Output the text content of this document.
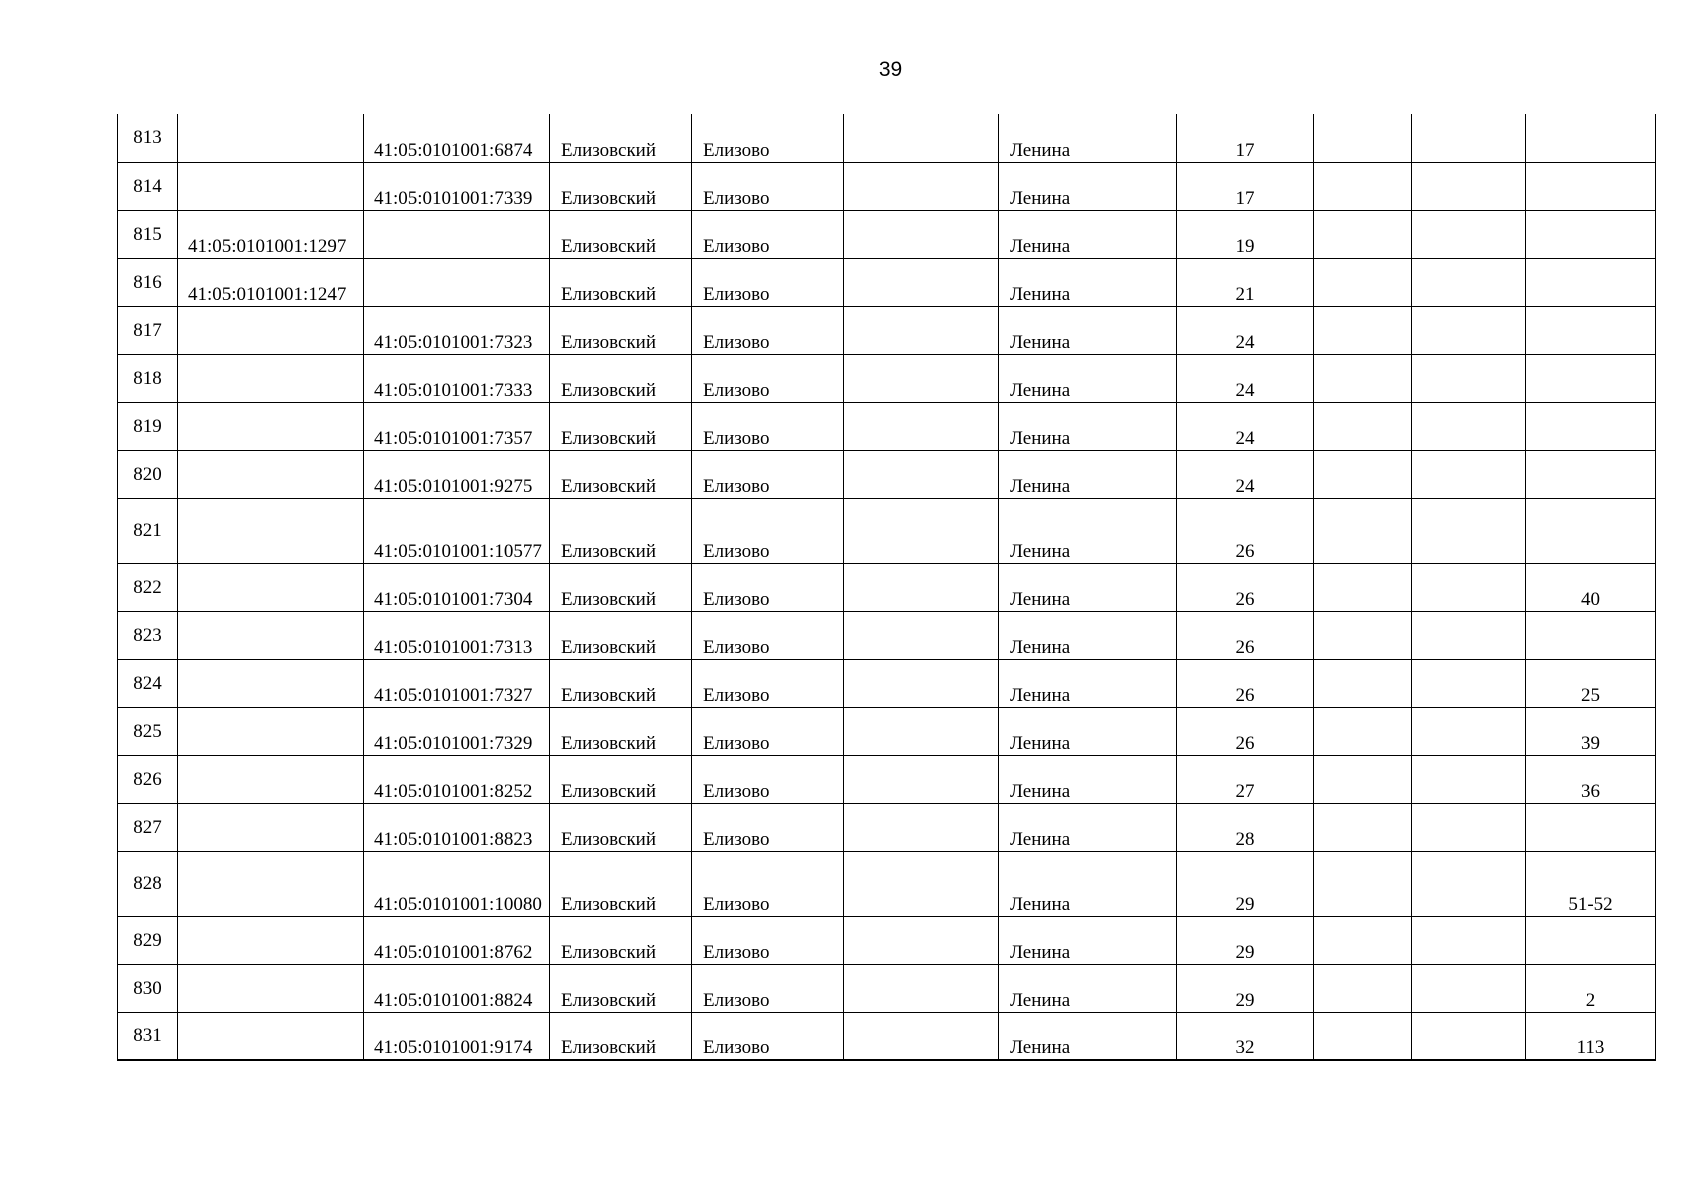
39
813		41:05:0101001:6874	Елизовский	Елизово		Ленина	17			
814		41:05:0101001:7339	Елизовский	Елизово		Ленина	17			
815	41:05:0101001:1297		Елизовский	Елизово		Ленина	19			
816	41:05:0101001:1247		Елизовский	Елизово		Ленина	21			
817		41:05:0101001:7323	Елизовский	Елизово		Ленина	24			
818		41:05:0101001:7333	Елизовский	Елизово		Ленина	24			
819		41:05:0101001:7357	Елизовский	Елизово		Ленина	24			
820		41:05:0101001:9275	Елизовский	Елизово		Ленина	24			
821		41:05:0101001:10577	Елизовский	Елизово		Ленина	26			
822		41:05:0101001:7304	Елизовский	Елизово		Ленина	26			40
823		41:05:0101001:7313	Елизовский	Елизово		Ленина	26			
824		41:05:0101001:7327	Елизовский	Елизово		Ленина	26			25
825		41:05:0101001:7329	Елизовский	Елизово		Ленина	26			39
826		41:05:0101001:8252	Елизовский	Елизово		Ленина	27			36
827		41:05:0101001:8823	Елизовский	Елизово		Ленина	28			
828		41:05:0101001:10080	Елизовский	Елизово		Ленина	29			51-52
829		41:05:0101001:8762	Елизовский	Елизово		Ленина	29			
830		41:05:0101001:8824	Елизовский	Елизово		Ленина	29			2
831		41:05:0101001:9174	Елизовский	Елизово		Ленина	32			113
